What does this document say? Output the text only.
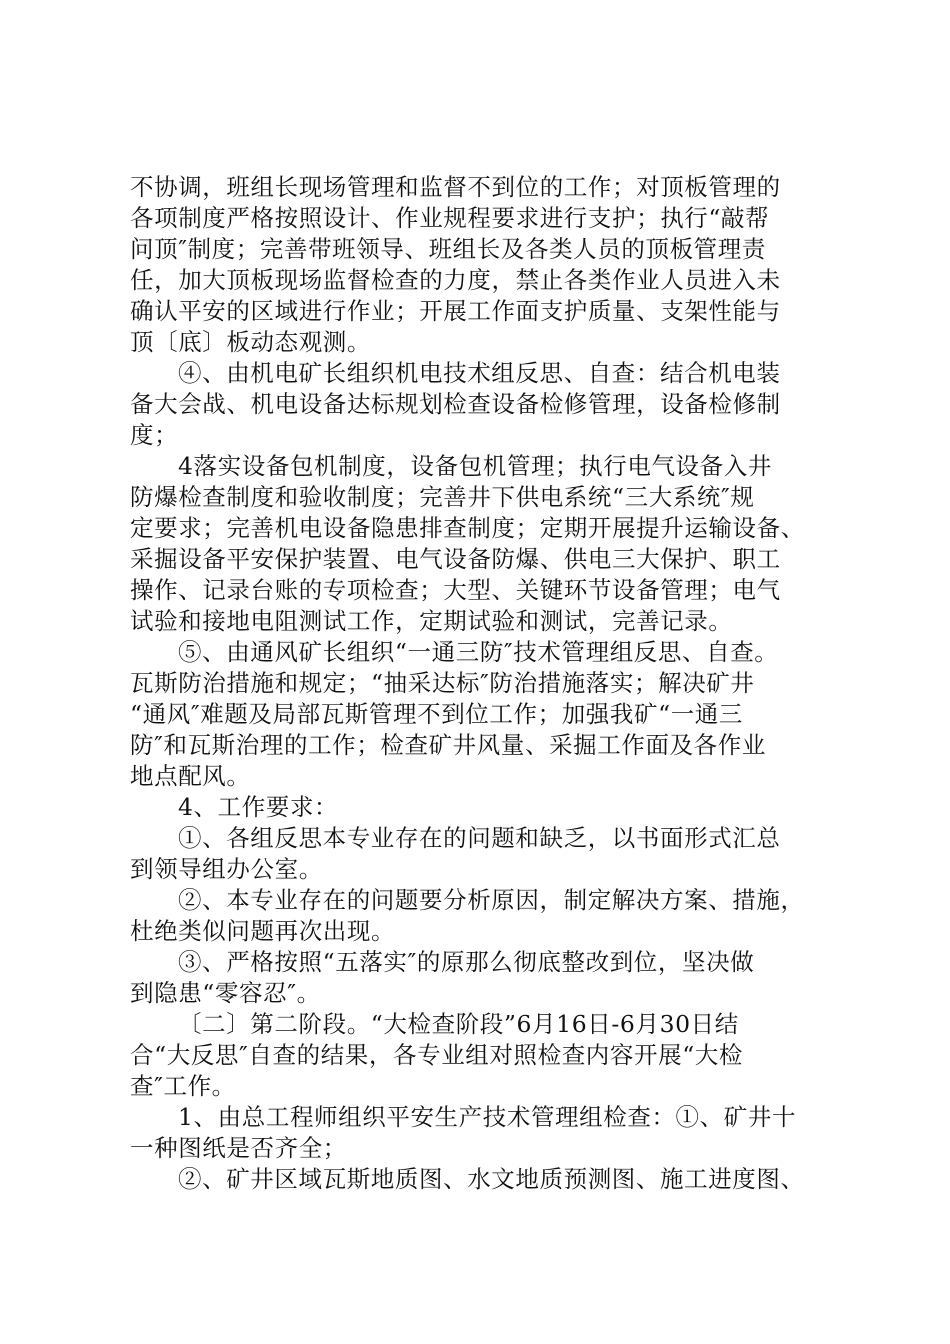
不协调，班组长现场管理和监督不到位的工作；对顶板管理的
各项制度严格按照设计、作业规程要求进行支护；执行“敲帮
问顶″制度；完善带班领导、班组长及各类人员的顶板管理责
任，加大顶板现场监督检查的力度，禁止各类作业人员进入未
确认平安的区域进行作业；开展工作面支护质量、支架性能与
顶〔底〕板动态观测。
④、由机电矿长组织机电技术组反思、自查：结合机电装
备大会战、机电设备达标规划检查设备检修管理，设备检修制
度；
4落实设备包机制度，设备包机管理；执行电气设备入井
防爆检查制度和验收制度；完善井下供电系统“三大系统″规
定要求；完善机电设备隐患排查制度；定期开展提升运输设备、
采掘设备平安保护装置、电气设备防爆、供电三大保护、职工
操作、记录台账的专项检查；大型、关键环节设备管理；电气
试验和接地电阻测试工作，定期试验和测试，完善记录。
⑤、由通风矿长组织“一通三防″技术管理组反思、自查。
瓦斯防治措施和规定；“抽采达标″防治措施落实；解决矿井
“通风″难题及局部瓦斯管理不到位工作；加强我矿“一通三
防″和瓦斯治理的工作；检查矿井风量、采掘工作面及各作业
地点配风。
4、工作要求：
①、各组反思本专业存在的问题和缺乏，以书面形式汇总
到领导组办公室。
②、本专业存在的问题要分析原因，制定解决方案、措施，
杜绝类似问题再次出现。
③、严格按照“五落实″的原那么彻底整改到位，坚决做
到隐患“零容忍″。
〔二〕第二阶段。“大检查阶段”6月16日-6月30日结
合“大反思″自查的结果，各专业组对照检查内容开展“大检
查″工作。
1、由总工程师组织平安生产技术管理组检查：①、矿井十
一种图纸是否齐全；
②、矿井区域瓦斯地质图、水文地质预测图、施工进度图、
